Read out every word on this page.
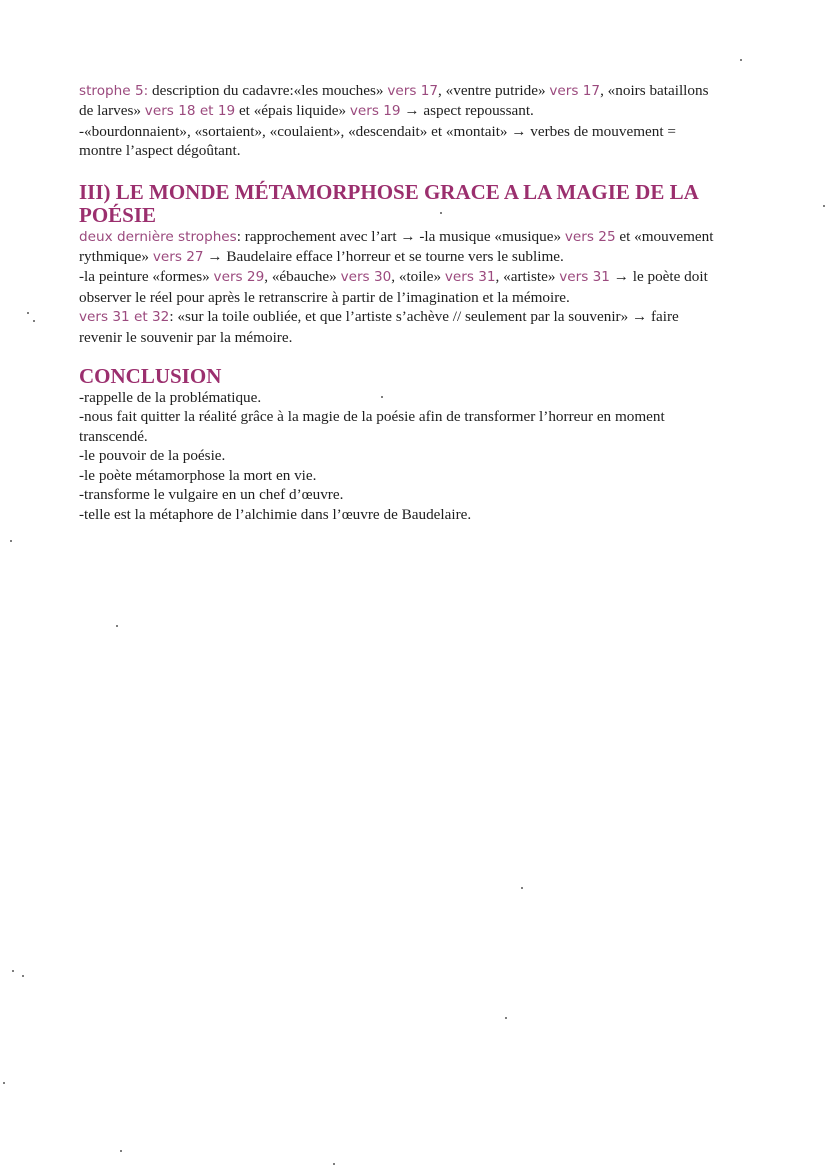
strophe 5: description du cadavre:«les mouches» vers 17, «ventre putride» vers 17, «noirs bataillons
de larves» vers 18 et 19 et «épais liquide» vers 19 → aspect repoussant.
-«bourdonnaient», «sortaient», «coulaient», «descendait» et «montait» → verbes de mouvement =
montre l’aspect dégoûtant.
III) LE MONDE MÉTAMORPHOSE GRACE A LA MAGIE DE LA
POÉSIE
deux dernière strophes: rapprochement avec l’art → -la musique «musique» vers 25 et «mouvement
rythmique» vers 27 → Baudelaire efface l’horreur et se tourne vers le sublime.
-la peinture «formes» vers 29, «ébauche» vers 30, «toile» vers 31, «artiste» vers 31 → le poète doit
observer le réel pour après le retranscrire à partir de l’imagination et la mémoire.
vers 31 et 32: «sur la toile oubliée, et que l’artiste s’achève // seulement par la souvenir» → faire
revenir le souvenir par la mémoire.
CONCLUSION
-rappelle de la problématique.
-nous fait quitter la réalité grâce à la magie de la poésie afin de transformer l’horreur en moment
transcendé.
-le pouvoir de la poésie.
-le poète métamorphose la mort en vie.
-transforme le vulgaire en un chef d’œuvre.
-telle est la métaphore de l’alchimie dans l’œuvre de Baudelaire.
